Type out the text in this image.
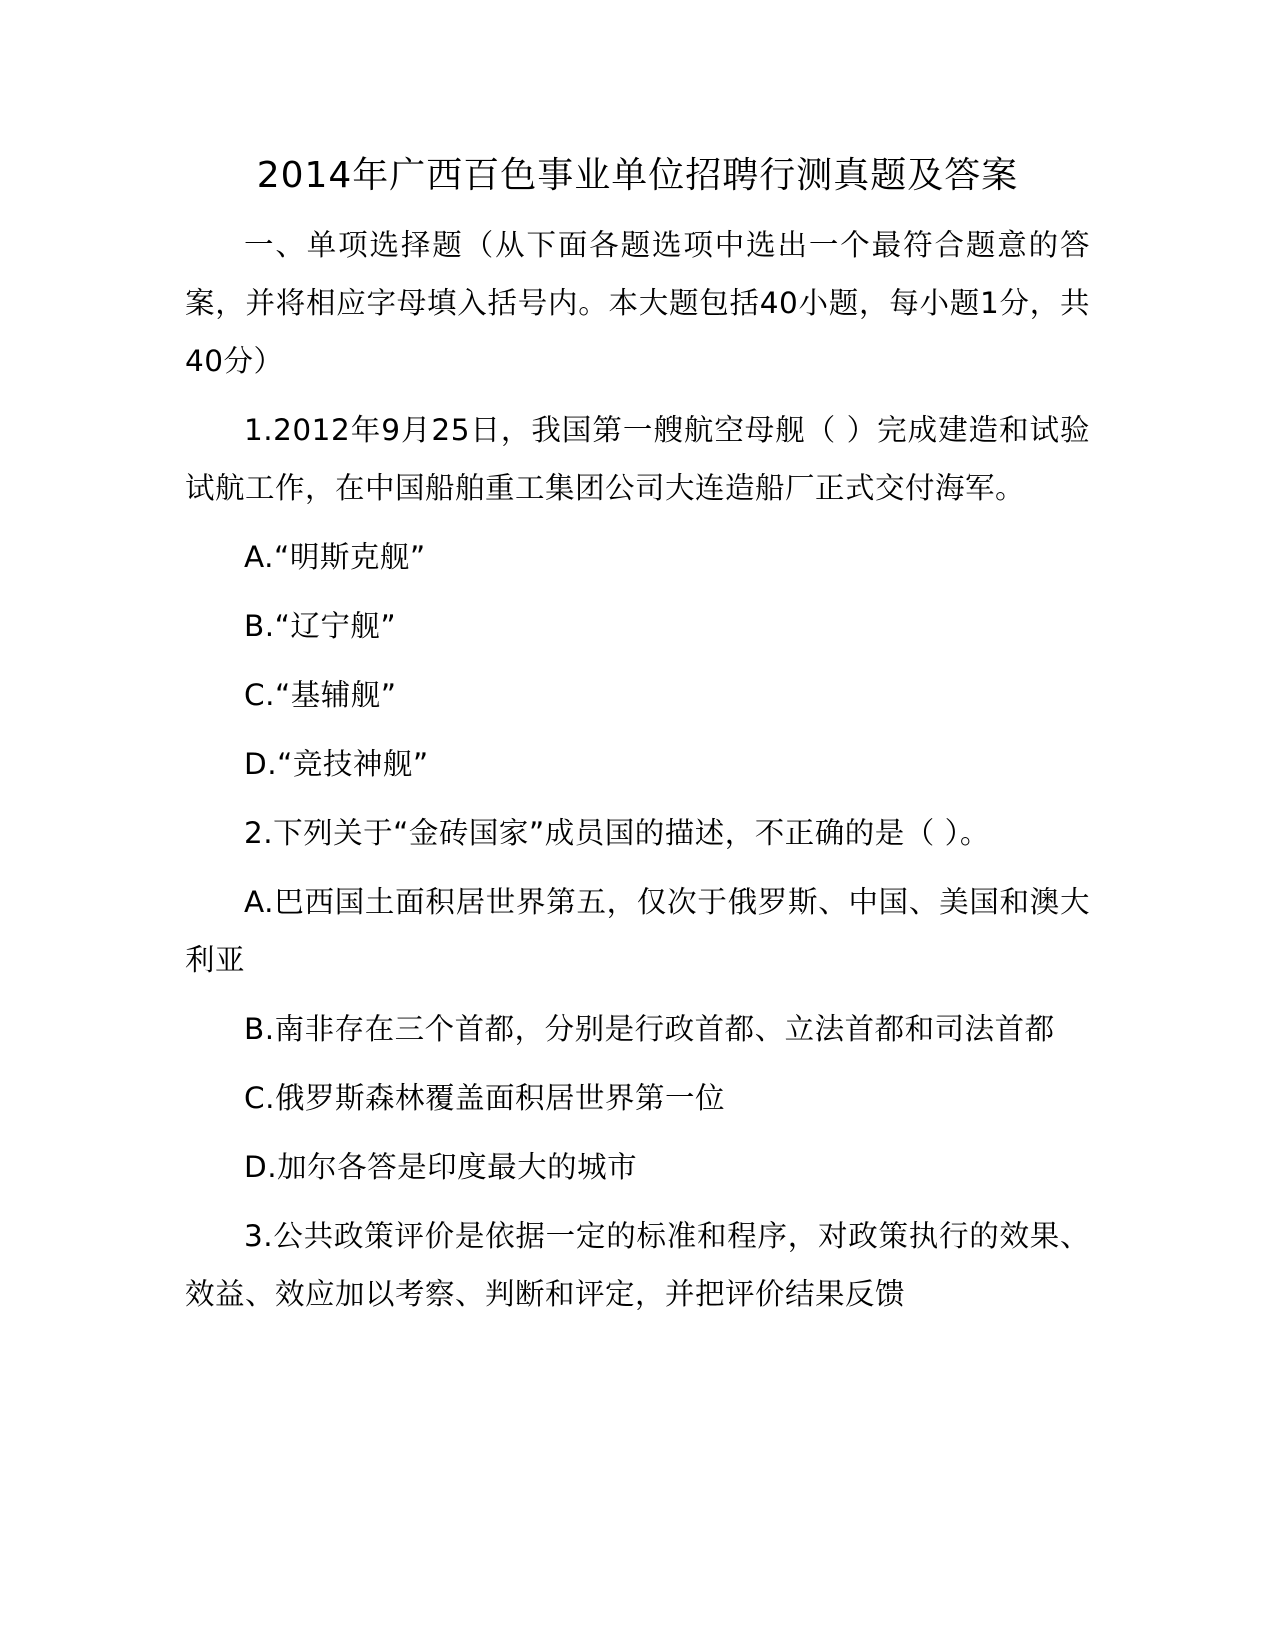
2014年广西百色事业单位招聘行测真题及答案

一、单项选择题（从下面各题选项中选出一个最符合题意的答案，并将相应字母填入括号内。本大题包括40小题，每小题1分，共40分）

1.2012年9月25日，我国第一艘航空母舰（ ）完成建造和试验试航工作，在中国船舶重工集团公司大连造船厂正式交付海军。

A.“明斯克舰”

B.“辽宁舰”

C.“基辅舰”

D.“竞技神舰”

2.下列关于“金砖国家”成员国的描述，不正确的是（ ）。

A.巴西国土面积居世界第五，仅次于俄罗斯、中国、美国和澳大利亚

B.南非存在三个首都，分别是行政首都、立法首都和司法首都

C.俄罗斯森林覆盖面积居世界第一位

D.加尔各答是印度最大的城市

3.公共政策评价是依据一定的标准和程序，对政策执行的效果、效益、效应加以考察、判断和评定，并把评价结果反馈
